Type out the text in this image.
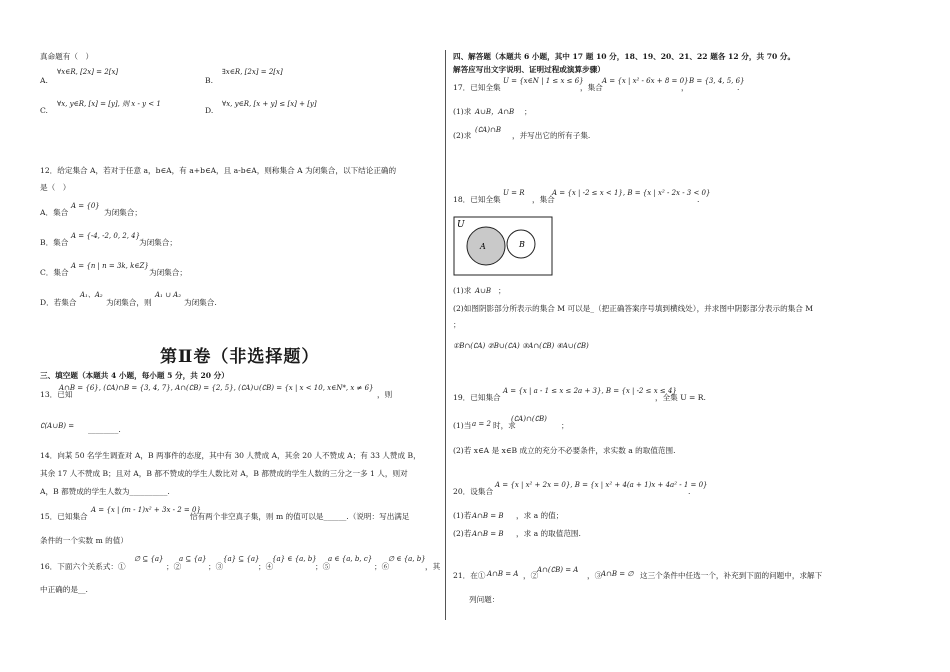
真命题有（　）
A.
∀x∈R, [2x] = 2[x]
B.
∃x∈R, [2x] = 2[x]
C.
∀x, y∈R, [x] = [y], 则 x - y < 1
D.
∀x, y∈R, [x + y] ≤ [x] + [y]
12．给定集合 A，若对于任意 a，b∈A，有 a+b∈A，且 a-b∈A，则称集合 A 为闭集合，以下结论正确的
是（　）
A．集合
A = {0}
为闭集合；
B．集合
A = {-4, -2, 0, 2, 4}
为闭集合；
C．集合
A = {n | n = 3k, k∈Z}
为闭集合；
D．若集合
A₁、A₂
为闭集合，则
A₁ ∪ A₂
为闭集合.
第Ⅱ卷（非选择题）
三、填空题（本题共 4 小题，每小题 5 分，共 20 分）
13．已知
A∩B = {6}, (∁A)∩B = {3, 4, 7}, A∩(∁B) = {2, 5}, (∁A)∪(∁B) = {x | x < 10, x∈N*, x ≠ 6}
，则
∁(A∪B) = ________.
14．向某 50 名学生调查对 A，B 两事件的态度，其中有 30 人赞成 A，其余 20 人不赞成 A；有 33 人赞成 B，
其余 17 人不赞成 B；且对 A，B 都不赞成的学生人数比对 A，B 都赞成的学生人数的三分之一多 1 人，则对
A，B 都赞成的学生人数为__________.
15．已知集合
A = {x | (m - 1)x² + 3x - 2 = 0}
恰有两个非空真子集，则 m 的值可以是______.（说明：写出满足
条件的一个实数 m 的值）
16．下面六个关系式：①
∅ ⊆ {a}
；②
a ⊆ {a}
；③
{a} ⊆ {a}
；④
{a} ∈ {a, b}
；⑤
a ∈ {a, b, c}
；⑥
∅ ∈ {a, b}
，其
中正确的是__.
四、解答题（本题共 6 小题，其中 17 题 10 分，18、19、20、21、22 题各 12 分，共 70 分。
解答应写出文字说明、证明过程或演算步骤）
17．已知全集
U = {x∈N | 1 ≤ x ≤ 6}
，集合
A = {x | x² - 6x + 8 = 0}
，
B = {3, 4, 5, 6}
.
(1)求 A∪B，A∩B ；
(2)求
(∁A)∩B
，并写出它的所有子集.
18．已知全集
U = R
，集合
A = {x | -2 ≤ x < 1}, B = {x | x² - 2x - 3 < 0}
.
U
A	B
(1)求 A∪B ；
(2)如图阴影部分所表示的集合 M 可以是_（把正确答案序号填到横线处），并求图中阴影部分表示的集合 M
；
①B∩(∁A) ②B∪(∁A) ③A∩(∁B) ④A∪(∁B)
19．已知集合
A = {x | a - 1 ≤ x ≤ 2a + 3}, B = {x | -2 ≤ x ≤ 4}
，全集 U = R.
(1)当 a = 2 时，求
(∁A)∩(∁B)
；
(2)若 x∈A 是 x∈B 成立的充分不必要条件，求实数 a 的取值范围.
20．设集合
A = {x | x² + 2x = 0}, B = {x | x² + 4(a + 1)x + 4a² - 1 = 0}
.
(1)若 A∩B = B ，求 a 的值；
(2)若 A∩B = B ，求 a 的取值范围.
21．在① A∩B = A ，②
A∩(∁B) = A
，③
A∩B = ∅ 这三个条件中任选一个，补充到下面的问题中，求解下
列问题：
